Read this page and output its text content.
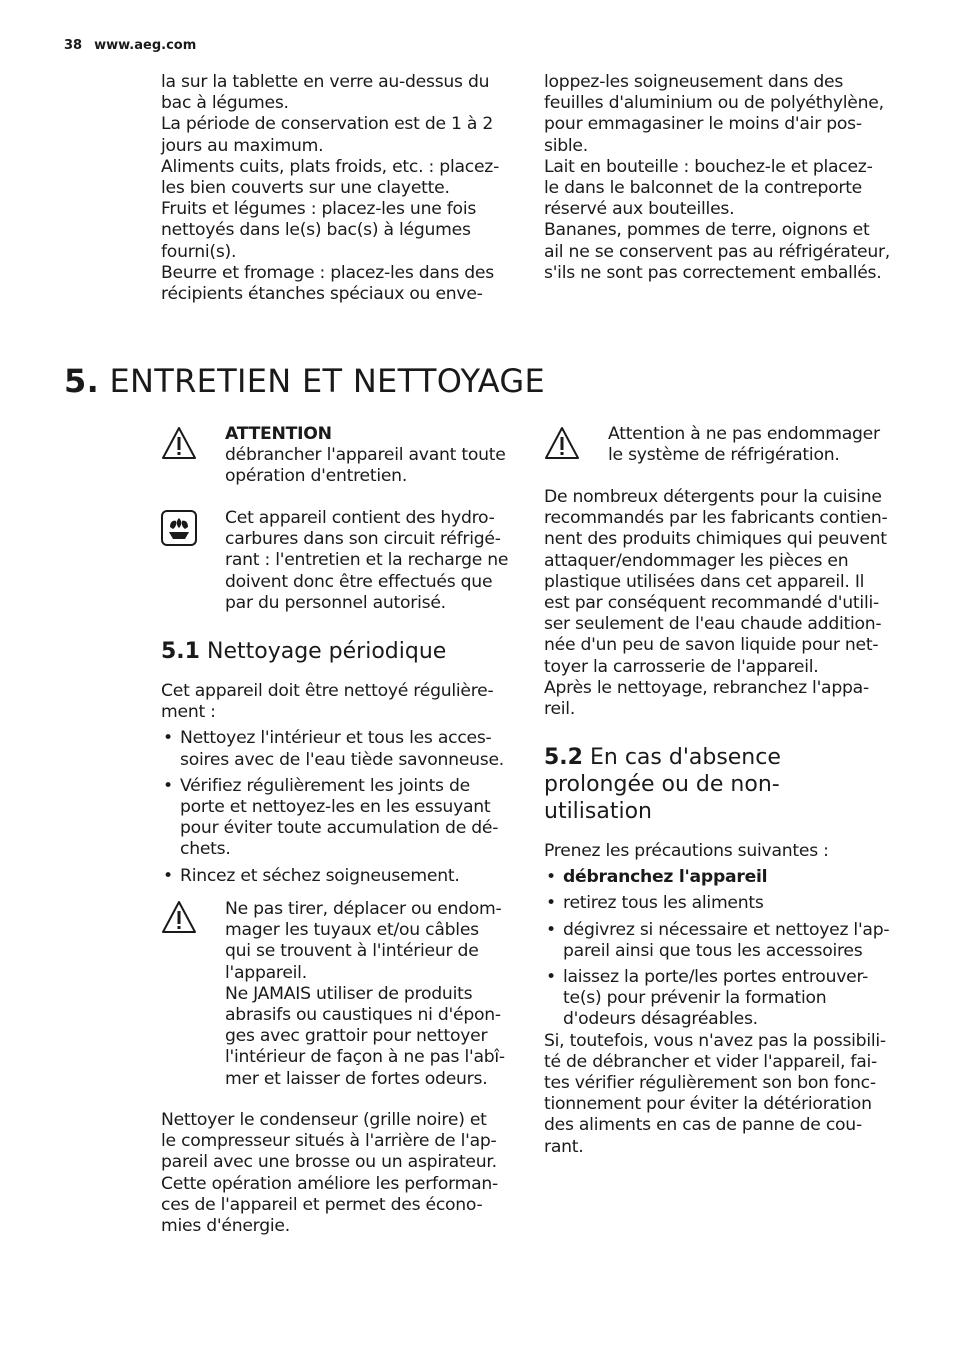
38 www.aeg.com
la sur la tablette en verre au-dessus du
bac à légumes.
La période de conservation est de 1 à 2
jours au maximum.
Aliments cuits, plats froids, etc. : placez-
les bien couverts sur une clayette.
Fruits et légumes : placez-les une fois
nettoyés dans le(s) bac(s) à légumes
fourni(s).
Beurre et fromage : placez-les dans des
récipients étanches spéciaux ou enve-
loppez-les soigneusement dans des
feuilles d'aluminium ou de polyéthylène,
pour emmagasiner le moins d'air pos-
sible.
Lait en bouteille : bouchez-le et placez-
le dans le balconnet de la contreporte
réservé aux bouteilles.
Bananes, pommes de terre, oignons et
ail ne se conservent pas au réfrigérateur,
s'ils ne sont pas correctement emballés.
5. ENTRETIEN ET NETTOYAGE
ATTENTION
débrancher l'appareil avant toute
opération d'entretien.
Cet appareil contient des hydro-
carbures dans son circuit réfrigé-
rant : l'entretien et la recharge ne
doivent donc être effectués que
par du personnel autorisé.
5.1 Nettoyage périodique
Cet appareil doit être nettoyé régulière-
ment :
• Nettoyez l'intérieur et tous les acces-
soires avec de l'eau tiède savonneuse.
• Vérifiez régulièrement les joints de
porte et nettoyez-les en les essuyant
pour éviter toute accumulation de dé-
chets.
• Rincez et séchez soigneusement.
Ne pas tirer, déplacer ou endom-
mager les tuyaux et/ou câbles
qui se trouvent à l'intérieur de
l'appareil.
Ne JAMAIS utiliser de produits
abrasifs ou caustiques ni d'épon-
ges avec grattoir pour nettoyer
l'intérieur de façon à ne pas l'abî-
mer et laisser de fortes odeurs.
Nettoyer le condenseur (grille noire) et
le compresseur situés à l'arrière de l'ap-
pareil avec une brosse ou un aspirateur.
Cette opération améliore les performan-
ces de l'appareil et permet des écono-
mies d'énergie.
Attention à ne pas endommager
le système de réfrigération.
De nombreux détergents pour la cuisine
recommandés par les fabricants contien-
nent des produits chimiques qui peuvent
attaquer/endommager les pièces en
plastique utilisées dans cet appareil. Il
est par conséquent recommandé d'utili-
ser seulement de l'eau chaude addition-
née d'un peu de savon liquide pour net-
toyer la carrosserie de l'appareil.
Après le nettoyage, rebranchez l'appa-
reil.
5.2 En cas d'absence
prolongée ou de non-
utilisation
Prenez les précautions suivantes :
• débranchez l'appareil
• retirez tous les aliments
• dégivrez si nécessaire et nettoyez l'ap-
pareil ainsi que tous les accessoires
• laissez la porte/les portes entrouver-
te(s) pour prévenir la formation
d'odeurs désagréables.
Si, toutefois, vous n'avez pas la possibili-
té de débrancher et vider l'appareil, fai-
tes vérifier régulièrement son bon fonc-
tionnement pour éviter la détérioration
des aliments en cas de panne de cou-
rant.
